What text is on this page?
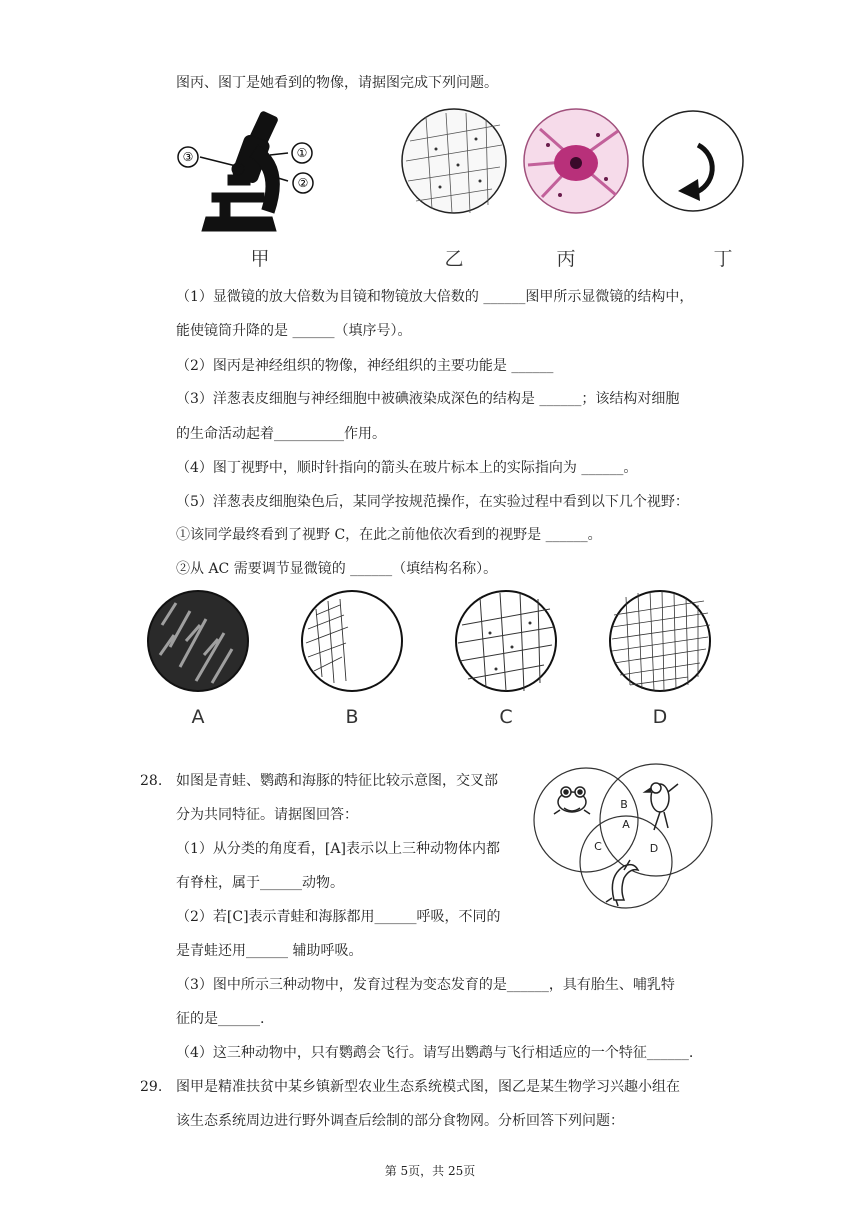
图丙、图丁是她看到的物像，请据图完成下列问题。
①
②
③
甲	乙	丙	丁
（1）显微镜的放大倍数为目镜和物镜放大倍数的 ______图甲所示显微镜的结构中，
能使镜筒升降的是 ______（填序号）。
（2）图丙是神经组织的物像，神经组织的主要功能是 ______
（3）洋葱表皮细胞与神经细胞中被碘液染成深色的结构是 ______；该结构对细胞
的生命活动起着__________作用。
（4）图丁视野中，顺时针指向的箭头在玻片标本上的实际指向为 ______。
（5）洋葱表皮细胞染色后，某同学按规范操作，在实验过程中看到以下几个视野：
①该同学最终看到了视野 C，在此之前他依次看到的视野是 ______。
②从 AC 需要调节显微镜的 ______（填结构名称）。
A	B	C	D
28. 如图是青蛙、鹦鹉和海豚的特征比较示意图，交叉部
分为共同特征。请据图回答：
（1）从分类的角度看，[A]表示以上三种动物体内都
有脊柱，属于______动物。
（2）若[C]表示青蛙和海豚都用______呼吸，不同的
是青蛙还用______ 辅助呼吸。
（3）图中所示三种动物中，发育过程为变态发育的是______，具有胎生、哺乳特
征的是______.
（4）这三种动物中，只有鹦鹉会飞行。请写出鹦鹉与飞行相适应的一个特征______.
B
A
C	D
29. 图甲是精准扶贫中某乡镇新型农业生态系统模式图，图乙是某生物学习兴趣小组在
该生态系统周边进行野外调查后绘制的部分食物网。分析回答下列问题：
第 5页，共 25页
